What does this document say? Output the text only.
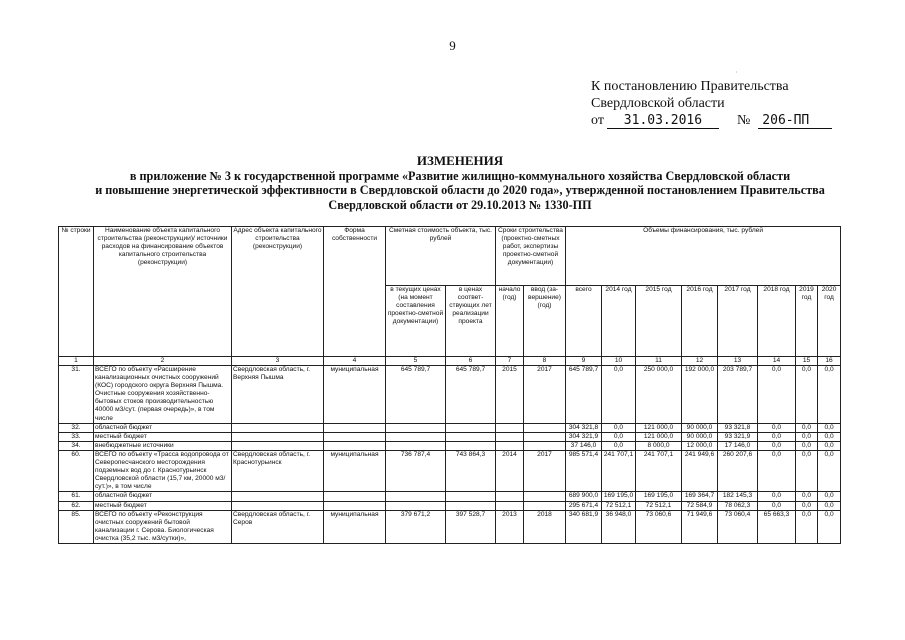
9
·
К постановлению Правительства
Свердловской области
от 31.03.2016 № 206-ПП
ИЗМЕНЕНИЯ
в приложение № 3 к государственной программе «Развитие жилищно-коммунального хозяйства Свердловской области
и повышение энергетической эффективности в Свердловской области до 2020 года», утвержденной постановлением Правительства
Свердловской области от 29.10.2013 № 1330-ПП
№ строки	Наименование объекта капитального строительства (реконструкции)/ источники расходов на финансирование объектов капитального строительства (реконструкции)	Адрес объекта капитального строительства (реконструкции)	Форма собственности	Сметная стоимость объекта, тыс. рублей		Сроки строительства (проектно-сметных работ, экспертизы проектно-сметной документации)		Объемы финансирования, тыс. рублей							
				в текущих ценах (на момент составления проектно-сметной документации)	в ценах соответ-ствующих лет реализации проекта	начало (год)	ввод (за-вершение) (год)	всего	2014 год	2015 год	2016 год	2017 год	2018 год	2019 год	2020 год
1	2	3	4	5	6	7	8	9	10	11	12	13	14	15	16
31.	ВСЕГО по объекту «Расширение канализационных очистных сооружений (КОС) городского округа Верхняя Пышма. Очистные сооружения хозяйственно-бытовых стоков производительностью 40000 м3/сут. (первая очередь)», в том числе	Свердловская область, г. Верхняя Пышма	муниципальная	645 789,7	645 789,7	2015	2017	645 789,7	0,0	250 000,0	192 000,0	203 789,7	0,0	0,0	0,0
32.	областной бюджет							304 321,8	0,0	121 000,0	90 000,0	93 321,8	0,0	0,0	0,0
33.	местный бюджет							304 321,9	0,0	121 000,0	90 000,0	93 321,9	0,0	0,0	0,0
34.	внебюджетные источники							37 146,0	0,0	8 000,0	12 000,0	17 146,0	0,0	0,0	0,0
60.	ВСЕГО по объекту «Трасса водопровода от Северопесчанского месторождения подземных вод до г. Краснотурьинск Свердловской области (15,7 км, 20000 м3/сут.)», в том числе	Свердловская область, г. Краснотурьинск	муниципальная	736 787,4	743 864,3	2014	2017	985 571,4	241 707,1	241 707,1	241 949,6	260 207,6	0,0	0,0	0,0
61.	областной бюджет							689 900,0	169 195,0	169 195,0	169 364,7	182 145,3	0,0	0,0	0,0
62.	местный бюджет							295 671,4	72 512,1	72 512,1	72 584,9	78 062,3	0,0	0,0	0,0
85.	ВСЕГО по объекту «Реконструкция очистных сооружений бытовой канализации г. Серова. Биологическая очистка (35,2 тыс. м3/сутки)»,	Свердловская область, г. Серов	муниципальная	379 671,2	397 528,7	2013	2018	340 681,9	36 948,0	73 060,6	71 949,6	73 060,4	65 663,3	0,0	0,0
